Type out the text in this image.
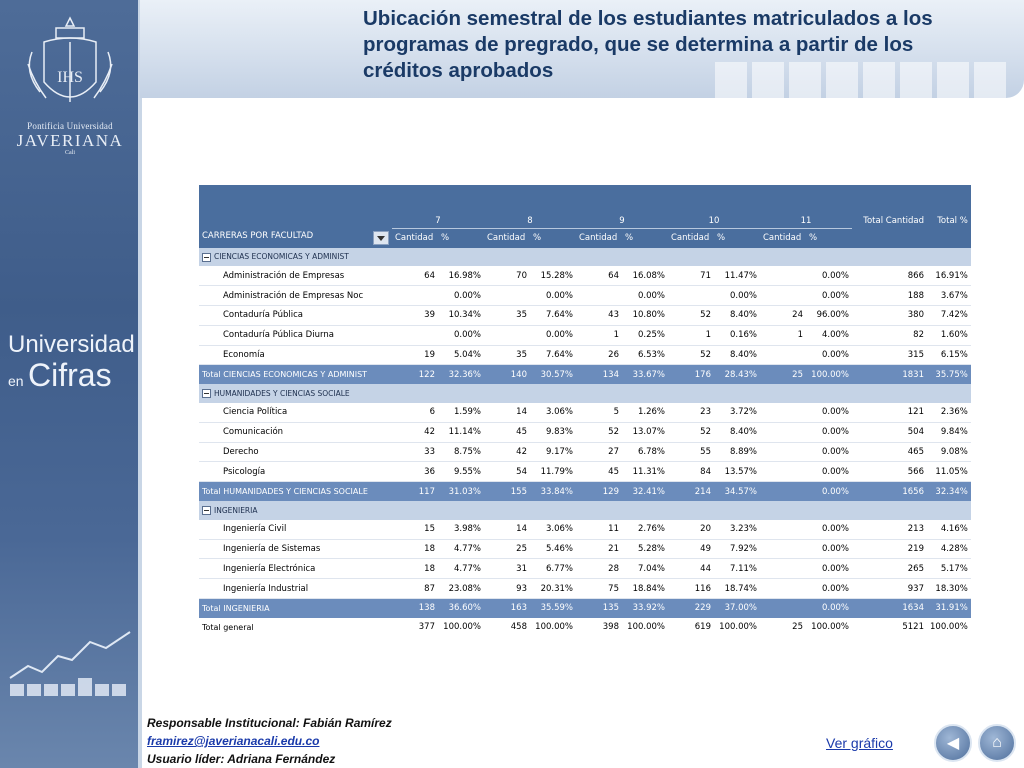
IHS
Pontificia Universidad
JAVERIANA
Cali
Universidad
en Cifras
Ubicación semestral de los estudiantes matriculados a los programas de pregrado, que se determina a partir de los créditos aprobados

	7		8		9		10		11		Total Cantidad	Total %
CARRERAS POR FACULTAD	Cantidad	%	Cantidad	%	Cantidad	%	Cantidad	%	Cantidad	%		
CIENCIAS ECONOMICAS Y ADMINIST												
Administración de Empresas	64	16.98%	70	15.28%	64	16.08%	71	11.47%		0.00%	866	16.91%
Administración de Empresas Noc		0.00%		0.00%		0.00%		0.00%		0.00%	188	3.67%
Contaduría Pública	39	10.34%	35	7.64%	43	10.80%	52	8.40%	24	96.00%	380	7.42%
Contaduría Pública Diurna		0.00%		0.00%	1	0.25%	1	0.16%	1	4.00%	82	1.60%
Economía	19	5.04%	35	7.64%	26	6.53%	52	8.40%		0.00%	315	6.15%
Total CIENCIAS ECONOMICAS Y ADMINIST	122	32.36%	140	30.57%	134	33.67%	176	28.43%	25	100.00%	1831	35.75%
HUMANIDADES Y CIENCIAS SOCIALE												
Ciencia Política	6	1.59%	14	3.06%	5	1.26%	23	3.72%		0.00%	121	2.36%
Comunicación	42	11.14%	45	9.83%	52	13.07%	52	8.40%		0.00%	504	9.84%
Derecho	33	8.75%	42	9.17%	27	6.78%	55	8.89%		0.00%	465	9.08%
Psicología	36	9.55%	54	11.79%	45	11.31%	84	13.57%		0.00%	566	11.05%
Total HUMANIDADES Y CIENCIAS SOCIALE	117	31.03%	155	33.84%	129	32.41%	214	34.57%		0.00%	1656	32.34%
INGENIERIA												
Ingeniería Civil	15	3.98%	14	3.06%	11	2.76%	20	3.23%		0.00%	213	4.16%
Ingeniería de Sistemas	18	4.77%	25	5.46%	21	5.28%	49	7.92%		0.00%	219	4.28%
Ingeniería Electrónica	18	4.77%	31	6.77%	28	7.04%	44	7.11%		0.00%	265	5.17%
Ingeniería Industrial	87	23.08%	93	20.31%	75	18.84%	116	18.74%		0.00%	937	18.30%
Total INGENIERIA	138	36.60%	163	35.59%	135	33.92%	229	37.00%		0.00%	1634	31.91%
Total general	377	100.00%	458	100.00%	398	100.00%	619	100.00%	25	100.00%	5121	100.00%
Responsable Institucional: Fabián Ramírez
framirez@javerianacali.edu.co
Usuario líder: Adriana Fernández
Ver gráfico	◀ ⌂
